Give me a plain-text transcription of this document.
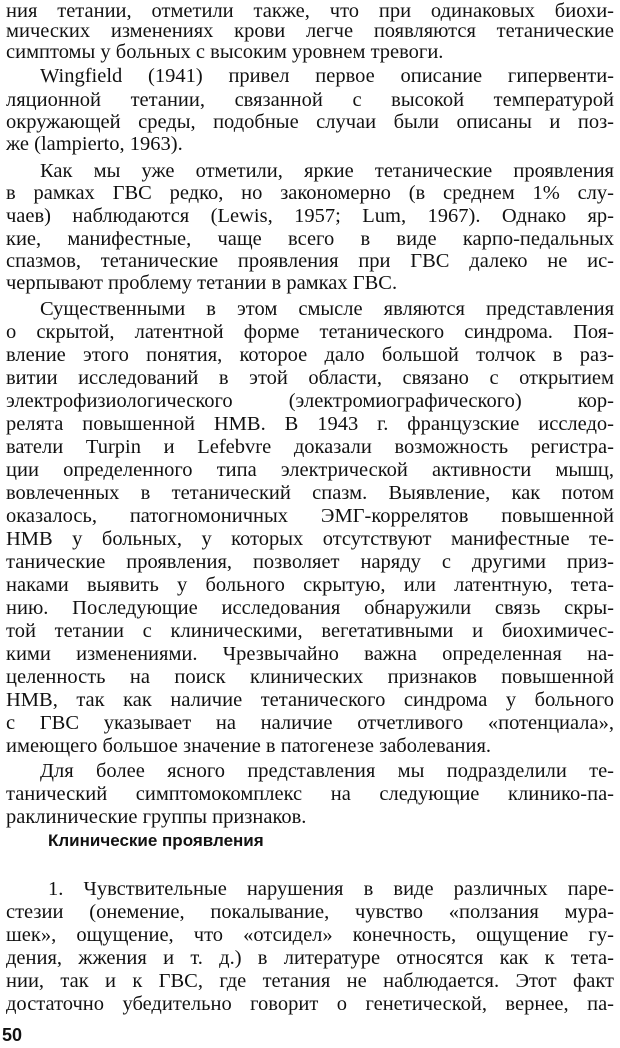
ния тетании, отметили также, что при одинаковых биохи-
мических изменениях крови легче появляются тетанические
симптомы у больных с высоким уровнем тревоги.
Wingfield (1941) привел первое описание гипервенти-
ляционной тетании, связанной с высокой температурой
окружающей среды, подобные случаи были описаны и поз-
же (lampierto, 1963).
Как мы уже отметили, яркие тетанические проявления
в рамках ГВС редко, но закономерно (в среднем 1% слу-
чаев) наблюдаются (Lewis, 1957; Lum, 1967). Однако яр-
кие, манифестные, чаще всего в виде карпо-педальных
спазмов, тетанические проявления при ГВС далеко не ис-
черпывают проблему тетании в рамках ГВС.
Существенными в этом смысле являются представления
о скрытой, латентной форме тетанического синдрома. Поя-
вление этого понятия, которое дало большой толчок в раз-
витии исследований в этой области, связано с открытием
электрофизиологического (электромиографического) кор-
релята повышенной НМВ. В 1943 г. французские исследо-
ватели Turpin и Lefebvre доказали возможность регистра-
ции определенного типа электрической активности мышц,
вовлеченных в тетанический спазм. Выявление, как потом
оказалось, патогномоничных ЭМГ-коррелятов повышенной
НМВ у больных, у которых отсутствуют манифестные те-
танические проявления, позволяет наряду с другими приз-
наками выявить у больного скрытую, или латентную, тета-
нию. Последующие исследования обнаружили связь скры-
той тетании с клиническими, вегетативными и биохимичес-
кими изменениями. Чрезвычайно важна определенная на-
целенность на поиск клинических признаков повышенной
НМВ, так как наличие тетанического синдрома у больного
с ГВС указывает на наличие отчетливого «потенциала»,
имеющего большое значение в патогенезе заболевания.
Для более ясного представления мы подразделили те-
танический симптомокомплекс на следующие клинико-па-
раклинические группы признаков.
Клинические проявления
1. Чувствительные нарушения в виде различных паре-
стезии (онемение, покалывание, чувство «ползания мура-
шек», ощущение, что «отсидел» конечность, ощущение гу-
дения, жжения и т. д.) в литературе относятся как к тета-
нии, так и к ГВС, где тетания не наблюдается. Этот факт
достаточно убедительно говорит о генетической, вернее, па-
50
